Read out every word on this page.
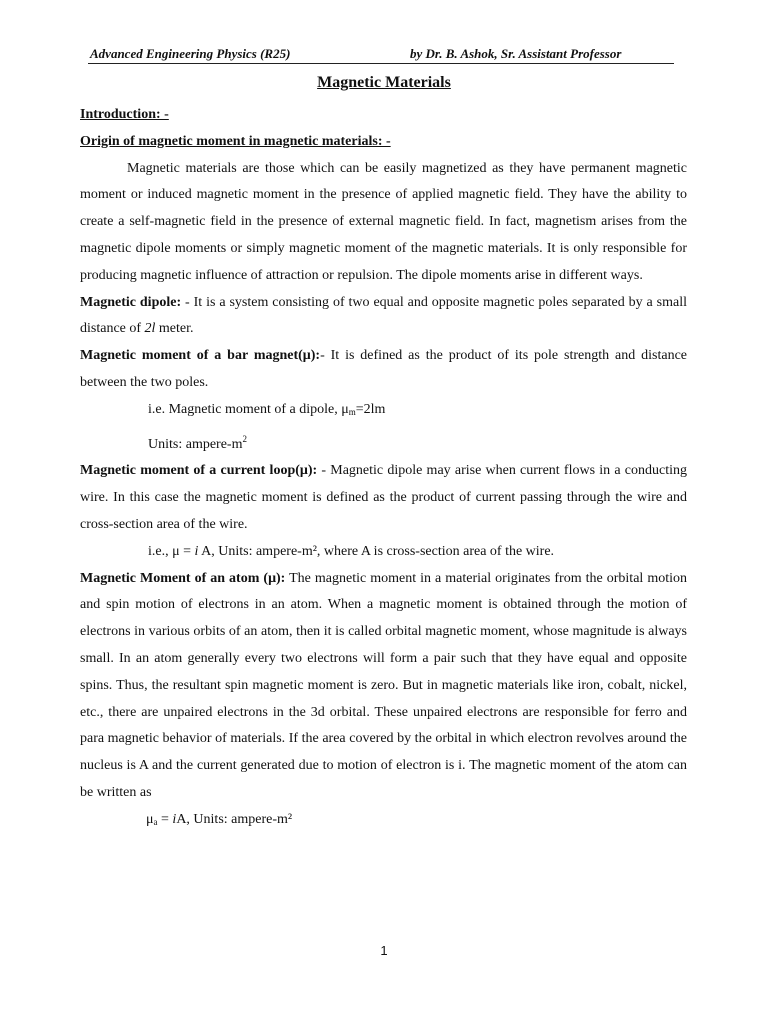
Advanced Engineering Physics (R25)	by Dr. B. Ashok, Sr. Assistant Professor
Magnetic Materials
Introduction: -
Origin of magnetic moment in magnetic materials: -
Magnetic materials are those which can be easily magnetized as they have permanent magnetic moment or induced magnetic moment in the presence of applied magnetic field. They have the ability to create a self-magnetic field in the presence of external magnetic field. In fact, magnetism arises from the magnetic dipole moments or simply magnetic moment of the magnetic materials. It is only responsible for producing magnetic influence of attraction or repulsion. The dipole moments arise in different ways.
Magnetic dipole: - It is a system consisting of two equal and opposite magnetic poles separated by a small distance of 2l meter.
Magnetic moment of a bar magnet(μ):- It is defined as the product of its pole strength and distance between the two poles.
i.e. Magnetic moment of a dipole, $\mu_m=2lm$
Units: ampere-$m^2$
Magnetic moment of a current loop(μ): - Magnetic dipole may arise when current flows in a conducting wire. In this case the magnetic moment is defined as the product of current passing through the wire and cross-section area of the wire.
i.e., μ = i A, Units: ampere-m², where A is cross-section area of the wire.
Magnetic Moment of an atom (μ): The magnetic moment in a material originates from the orbital motion and spin motion of electrons in an atom. When a magnetic moment is obtained through the motion of electrons in various orbits of an atom, then it is called orbital magnetic moment, whose magnitude is always small. In an atom generally every two electrons will form a pair such that they have equal and opposite spins. Thus, the resultant spin magnetic moment is zero. But in magnetic materials like iron, cobalt, nickel, etc., there are unpaired electrons in the 3d orbital. These unpaired electrons are responsible for ferro and para magnetic behavior of materials. If the area covered by the orbital in which electron revolves around the nucleus is A and the current generated due to motion of electron is i. The magnetic moment of the atom can be written as
$\mu_a$ = iA, Units: ampere-m²
1
